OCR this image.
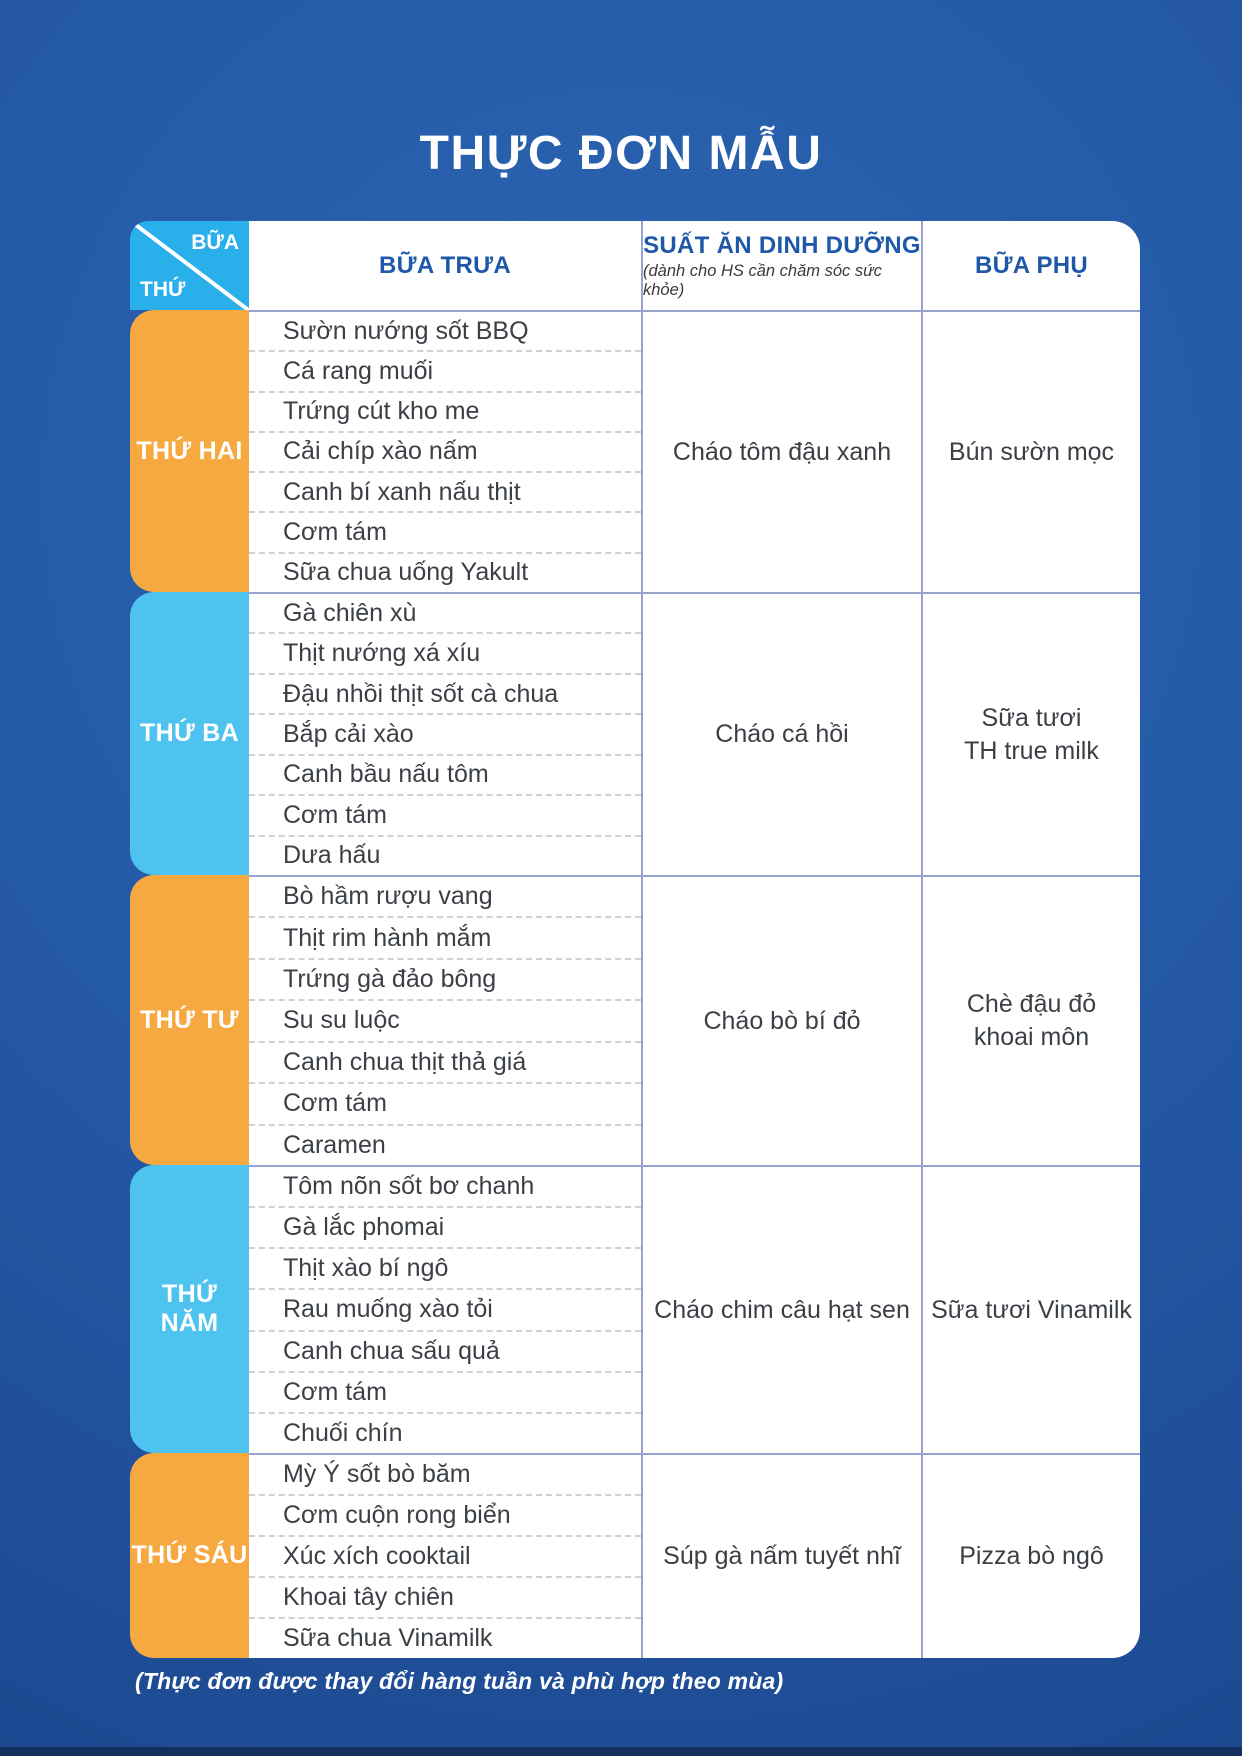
THỰC ĐƠN MẪU
BỮA TRƯA
SUẤT ĂN DINH DƯỠNG
(dành cho HS cần chăm sóc sức khỏe)
BỮA PHỤ
BỮA
THỨ
THỨ HAI
Sườn nướng sốt BBQ
Cá rang muối
Trứng cút kho me
Cải chíp xào nấm
Canh bí xanh nấu thịt
Cơm tám
Sữa chua uống Yakult
Cháo tôm đậu xanh Bún sườn mọc
THỨ BA
Gà chiên xù
Thịt nướng xá xíu
Đậu nhồi thịt sốt cà chua
Bắp cải xào
Canh bầu nấu tôm
Cơm tám
Dưa hấu
Cháo cá hồi
Sữa tươi
TH true milk
THỨ TƯ
Bò hầm rượu vang
Thịt rim hành mắm
Trứng gà đảo bông
Su su luộc
Canh chua thịt thả giá
Cơm tám
Caramen
Cháo bò bí đỏ
Chè đậu đỏ
khoai môn
THỨ NĂM
Tôm nõn sốt bơ chanh
Gà lắc phomai
Thịt xào bí ngô
Rau muống xào tỏi
Canh chua sấu quả
Cơm tám
Chuối chín
Cháo chim câu hạt sen Sữa tươi Vinamilk
THỨ SÁU
Mỳ Ý sốt bò băm
Cơm cuộn rong biển
Xúc xích cooktail
Khoai tây chiên
Sữa chua Vinamilk
Súp gà nấm tuyết nhĩ Pizza bò ngô
(Thực đơn được thay đổi hàng tuần và phù hợp theo mùa)
